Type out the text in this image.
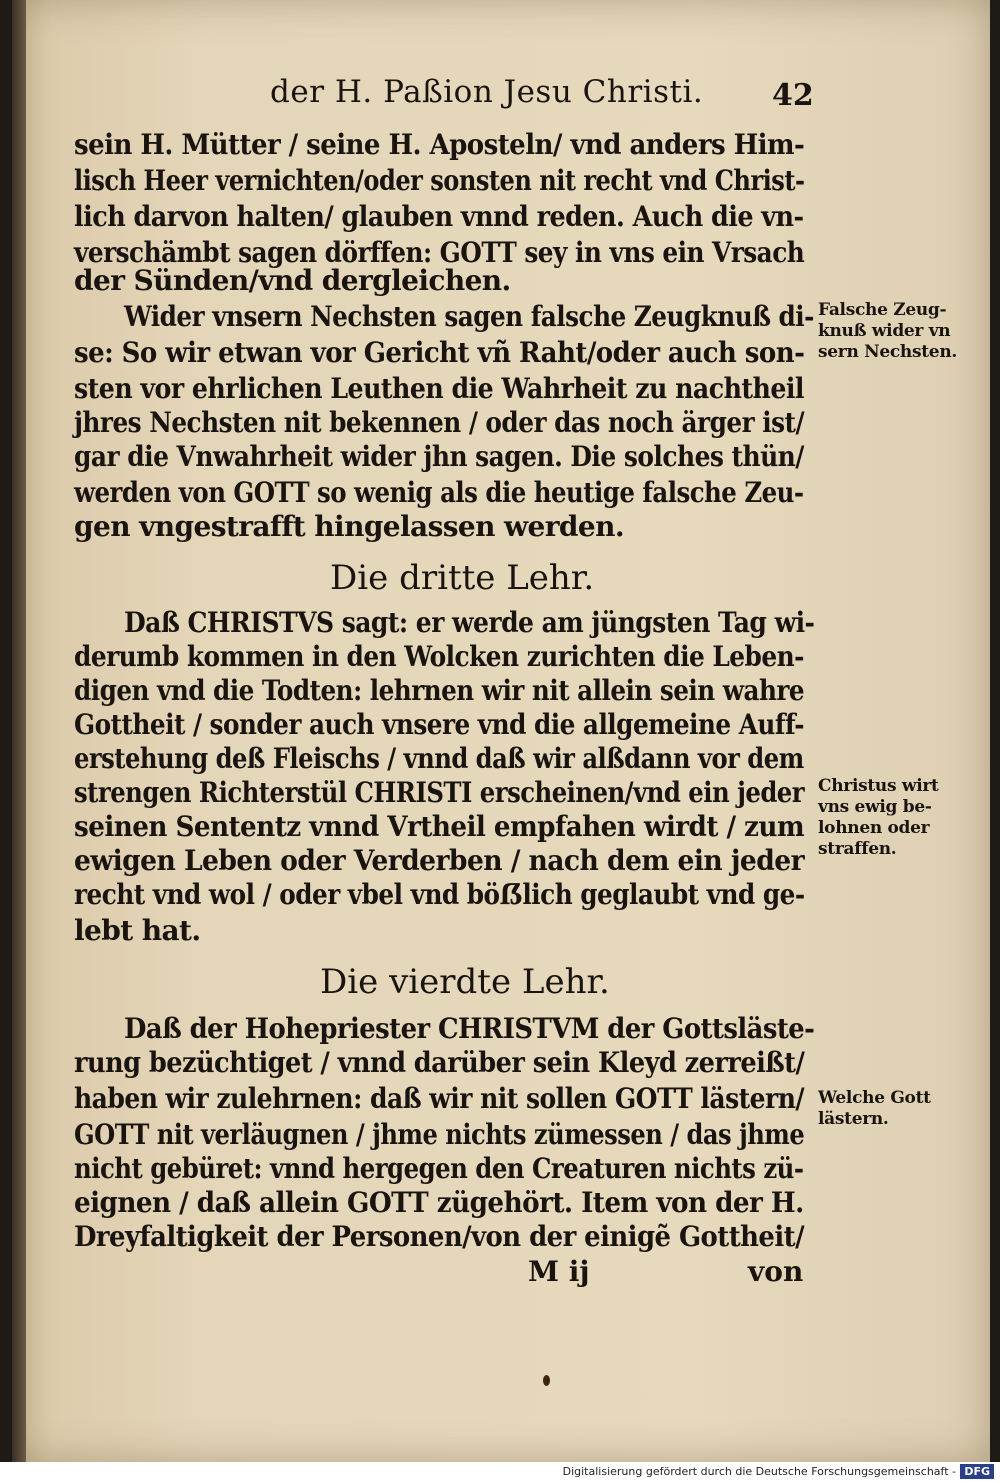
der H. Paßion Jesu Christi. 42
sein H. Mütter / seine H. Aposteln/ vnd anders Him-
lisch Heer vernichten/oder sonsten nit recht vnd Christ-
lich darvon halten/ glauben vnnd reden. Auch die vn-
verschämbt sagen dörffen: GOTT sey in vns ein Vrsach
der Sünden/vnd dergleichen.
Wider vnsern Nechsten sagen falsche Zeugknuß di-
se: So wir etwan vor Gericht vñ Raht/oder auch son-
sten vor ehrlichen Leuthen die Wahrheit zu nachtheil
jhres Nechsten nit bekennen / oder das noch ärger ist/
gar die Vnwahrheit wider jhn sagen. Die solches thün/
werden von GOTT so wenig als die heutige falsche Zeu-
gen vngestrafft hingelassen werden.
Falsche Zeug-
knuß wider vn
sern Nechsten.
Die dritte Lehr.
Daß CHRISTVS sagt: er werde am jüngsten Tag wi-
derumb kommen in den Wolcken zurichten die Leben-
digen vnd die Todten: lehrnen wir nit allein sein wahre
Gottheit / sonder auch vnsere vnd die allgemeine Auff-
erstehung deß Fleischs / vnnd daß wir alßdann vor dem
strengen Richterstül CHRISTI erscheinen/vnd ein jeder
seinen Sententz vnnd Vrtheil empfahen wirdt / zum
ewigen Leben oder Verderben / nach dem ein jeder
recht vnd wol / oder vbel vnd böẞlich geglaubt vnd ge-
lebt hat.
Christus wirt
vns ewig be-
lohnen oder
straffen.
Die vierdte Lehr.
Daß der Hohepriester CHRISTVM der Gottsläste-
rung bezüchtiget / vnnd darüber sein Kleyd zerreißt/
haben wir zulehrnen: daß wir nit sollen GOTT lästern/
GOTT nit verläugnen / jhme nichts zümessen / das jhme
nicht gebüret: vnnd hergegen den Creaturen nichts zü-
eignen / daß allein GOTT zügehört. Item von der H.
Dreyfaltigkeit der Personen/von der einigẽ Gottheit/
Welche Gott
lästern.
M ij	von
Digitalisierung gefördert durch die Deutsche Forschungsgemeinschaft - DFG
